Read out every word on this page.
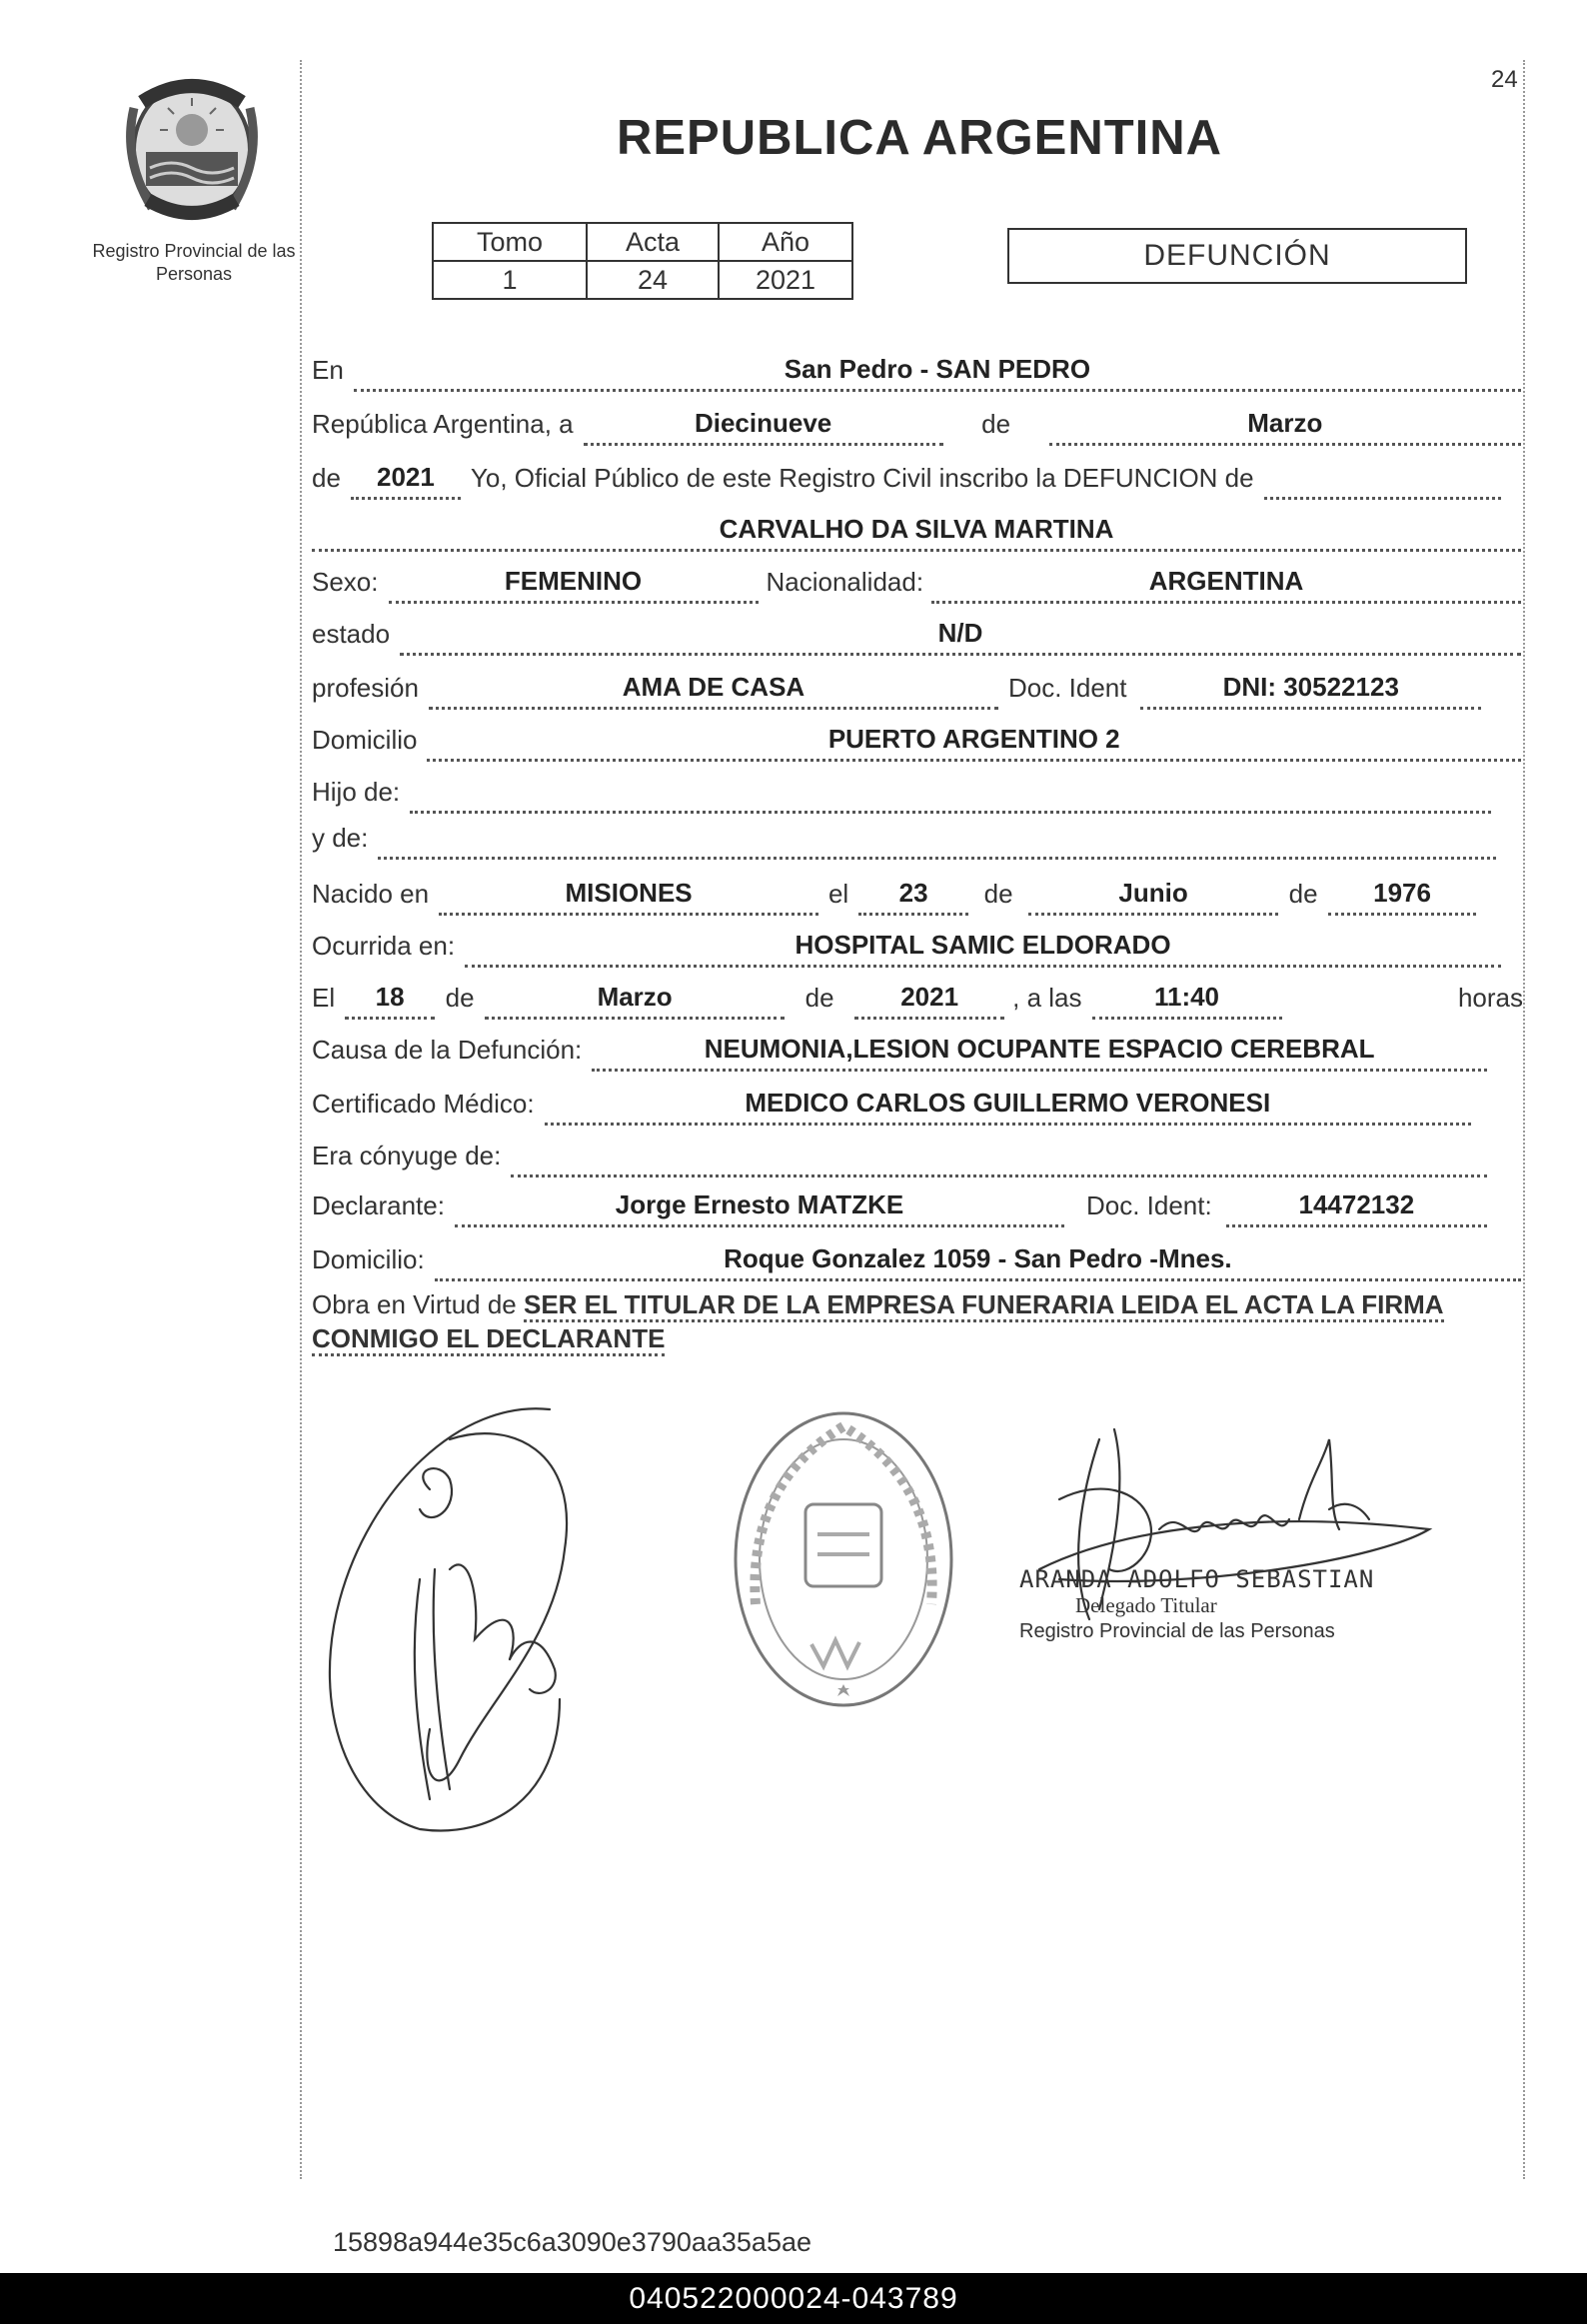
24
Registro Provincial de las Personas
REPUBLICA ARGENTINA
Tomo	Acta	Año
1	24	2021
DEFUNCIÓN
En	San Pedro - SAN PEDRO
República Argentina, a	Diecinueve	de	Marzo
de	2021	Yo, Oficial Público de este Registro Civil inscribo la DEFUNCION de
CARVALHO DA SILVA MARTINA
Sexo:	FEMENINO	Nacionalidad:	ARGENTINA
estado	N/D
profesión	AMA DE CASA	Doc. Ident	DNI: 30522123
Domicilio	PUERTO ARGENTINO 2
Hijo de:
y de:
Nacido en	MISIONES	el	23	de	Junio	de	1976
Ocurrida en:	HOSPITAL SAMIC ELDORADO
El	18	de	Marzo	de	2021	, a las	11:40	horas
Causa de la Defunción:	NEUMONIA,LESION OCUPANTE ESPACIO CEREBRAL
Certificado Médico:	MEDICO CARLOS GUILLERMO VERONESI
Era cónyuge de:
Declarante:	Jorge Ernesto MATZKE	Doc. Ident:	14472132
Domicilio:	Roque Gonzalez 1059 - San Pedro -Mnes.
Obra en Virtud de SER EL TITULAR DE LA EMPRESA FUNERARIA LEIDA EL ACTA LA FIRMA CONMIGO EL DECLARANTE
ARANDA ADOLFO SEBASTIAN
Delegado Titular
Registro Provincial de las Personas
15898a944e35c6a3090e3790aa35a5ae
040522000024-043789
